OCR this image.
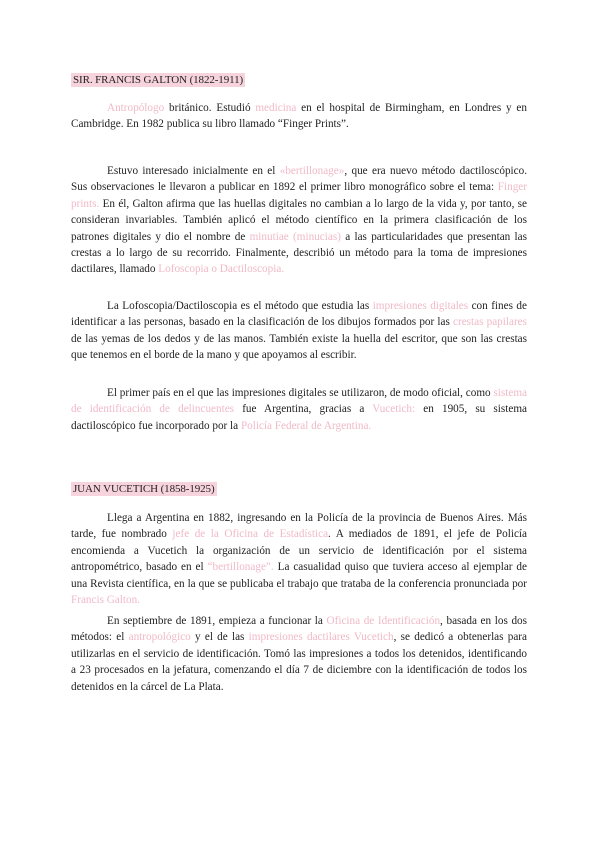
SIR. FRANCIS GALTON (1822-1911)

Antropólogo británico. Estudió medicina en el hospital de Birmingham, en Londres y en Cambridge. En 1982 publica su libro llamado “Finger Prints”.

Estuvo interesado inicialmente en el «bertillonage», que era nuevo método dactiloscópico. Sus observaciones le llevaron a publicar en 1892 el primer libro monográfico sobre el tema: Finger prints. En él, Galton afirma que las huellas digitales no cambian a lo largo de la vida y, por tanto, se consideran invariables. También aplicó el método científico en la primera clasificación de los patrones digitales y dio el nombre de minutiae (minucias) a las particularidades que presentan las crestas a lo largo de su recorrido. Finalmente, describió un método para la toma de impresiones dactilares, llamado Lofoscopia o Dactiloscopia.

La Lofoscopia/Dactiloscopia es el método que estudia las impresiones digitales con fines de identificar a las personas, basado en la clasificación de los dibujos formados por las crestas papilares de las yemas de los dedos y de las manos. También existe la huella del escritor, que son las crestas que tenemos en el borde de la mano y que apoyamos al escribir.

El primer país en el que las impresiones digitales se utilizaron, de modo oficial, como sistema de identificación de delincuentes fue Argentina, gracias a Vucetich: en 1905, su sistema dactiloscópico fue incorporado por la Policía Federal de Argentina.

JUAN VUCETICH (1858-1925)

Llega a Argentina en 1882, ingresando en la Policía de la provincia de Buenos Aires. Más tarde, fue nombrado jefe de la Oficina de Estadística. A mediados de 1891, el jefe de Policía encomienda a Vucetich la organización de un servicio de identificación por el sistema antropométrico, basado en el “bertillonage”. La casualidad quiso que tuviera acceso al ejemplar de una Revista científica, en la que se publicaba el trabajo que trataba de la conferencia pronunciada por Francis Galton.

En septiembre de 1891, empieza a funcionar la Oficina de Identificación, basada en los dos métodos: el antropológico y el de las impresiones dactilares Vucetich, se dedicó a obtenerlas para utilizarlas en el servicio de identificación. Tomó las impresiones a todos los detenidos, identificando a 23 procesados en la jefatura, comenzando el día 7 de diciembre con la identificación de todos los detenidos en la cárcel de La Plata.
